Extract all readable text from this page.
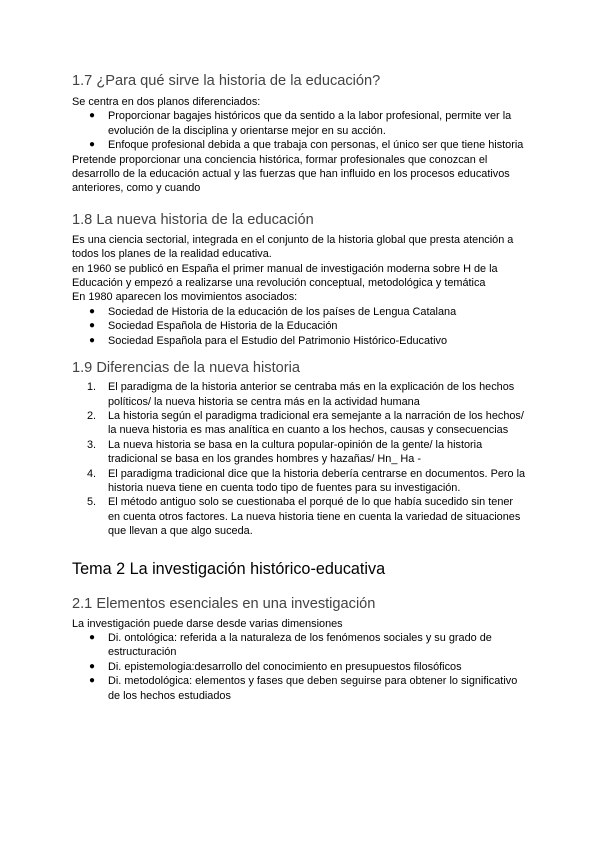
1.7 ¿Para qué sirve la historia de la educación?

Se centra en dos planos diferenciados:

● Proporcionar bagajes históricos que da sentido a la labor profesional, permite ver la evolución de la disciplina y orientarse mejor en su acción.
● Enfoque profesional debida a que trabaja con personas, el único ser que tiene historia

Pretende proporcionar una conciencia histórica, formar profesionales que conozcan el desarrollo de la educación actual y las fuerzas que han influido en los procesos educativos anteriores, como y cuando

1.8 La nueva historia de la educación

Es una ciencia sectorial, integrada en el conjunto de la historia global que presta atención a todos los planes de la realidad educativa.

en 1960 se publicó en España el primer manual de investigación moderna sobre H de la Educación y empezó a realizarse una revolución conceptual, metodológica y temática

En 1980 aparecen los movimientos asociados:

● Sociedad de Historia de la educación de los países de Lengua Catalana
● Sociedad Española de Historia de la Educación
● Sociedad Española para el Estudio del Patrimonio Histórico-Educativo
1.9 Diferencias de la nueva historia
1. El paradigma de la historia anterior se centraba más en la explicación de los hechos políticos/ la nueva historia se centra más en la actividad humana
2. La historia según el paradigma tradicional era semejante a la narración de los hechos/ la nueva historia es mas analítica en cuanto a los hechos, causas y consecuencias
3. La nueva historia se basa en la cultura popular-opinión de la gente/ la historia tradicional se basa en los grandes hombres y hazañas/ Hn_ Ha -
4. El paradigma tradicional dice que la historia debería centrarse en documentos. Pero la historia nueva tiene en cuenta todo tipo de fuentes para su investigación.
5. El método antiguo solo se cuestionaba el porqué de lo que había sucedido sin tener en cuenta otros factores. La nueva historia tiene en cuenta la variedad de situaciones que llevan a que algo suceda.
Tema 2 La investigación histórico-educativa
2.1 Elementos esenciales en una investigación

La investigación puede darse desde varias dimensiones

● Di. ontológica: referida a la naturaleza de los fenómenos sociales y su grado de estructuración
● Di. epistemologia:desarrollo del conocimiento en presupuestos filosóficos
● Di. metodológica: elementos y fases que deben seguirse para obtener lo significativo de los hechos estudiados
